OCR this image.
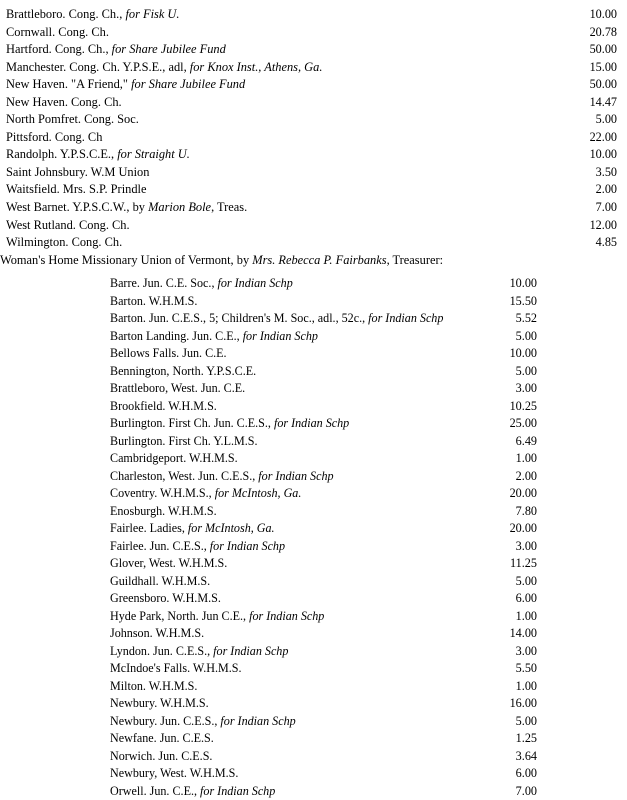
Brattleboro. Cong. Ch., for Fisk U.	10.00
Cornwall. Cong. Ch.	20.78
Hartford. Cong. Ch., for Share Jubilee Fund	50.00
Manchester. Cong. Ch. Y.P.S.E., adl, for Knox Inst., Athens, Ga.	15.00
New Haven. "A Friend," for Share Jubilee Fund	50.00
New Haven. Cong. Ch.	14.47
North Pomfret. Cong. Soc.	5.00
Pittsford. Cong. Ch	22.00
Randolph. Y.P.S.C.E., for Straight U.	10.00
Saint Johnsbury. W.M Union	3.50
Waitsfield. Mrs. S.P. Prindle	2.00
West Barnet. Y.P.S.C.W., by Marion Bole, Treas.	7.00
West Rutland. Cong. Ch.	12.00
Wilmington. Cong. Ch.	4.85
Woman's Home Missionary Union of Vermont, by Mrs. Rebecca P. Fairbanks, Treasurer:
Barre. Jun. C.E. Soc., for Indian Schp	10.00
Barton. W.H.M.S.	15.50
Barton. Jun. C.E.S., 5; Children's M. Soc., adl., 52c., for Indian Schp	5.52
Barton Landing. Jun. C.E., for Indian Schp	5.00
Bellows Falls. Jun. C.E.	10.00
Bennington, North. Y.P.S.C.E.	5.00
Brattleboro, West. Jun. C.E.	3.00
Brookfield. W.H.M.S.	10.25
Burlington. First Ch. Jun. C.E.S., for Indian Schp	25.00
Burlington. First Ch. Y.L.M.S.	6.49
Cambridgeport. W.H.M.S.	1.00
Charleston, West. Jun. C.E.S., for Indian Schp	2.00
Coventry. W.H.M.S., for McIntosh, Ga.	20.00
Enosburgh. W.H.M.S.	7.80
Fairlee. Ladies, for McIntosh, Ga.	20.00
Fairlee. Jun. C.E.S., for Indian Schp	3.00
Glover, West. W.H.M.S.	11.25
Guildhall. W.H.M.S.	5.00
Greensboro. W.H.M.S.	6.00
Hyde Park, North. Jun C.E., for Indian Schp	1.00
Johnson. W.H.M.S.	14.00
Lyndon. Jun. C.E.S., for Indian Schp	3.00
McIndoe's Falls. W.H.M.S.	5.50
Milton. W.H.M.S.	1.00
Newbury. W.H.M.S.	16.00
Newbury. Jun. C.E.S., for Indian Schp	5.00
Newfane. Jun. C.E.S.	1.25
Norwich. Jun. C.E.S.	3.64
Newbury, West. W.H.M.S.	6.00
Orwell. Jun. C.E., for Indian Schp	7.00
